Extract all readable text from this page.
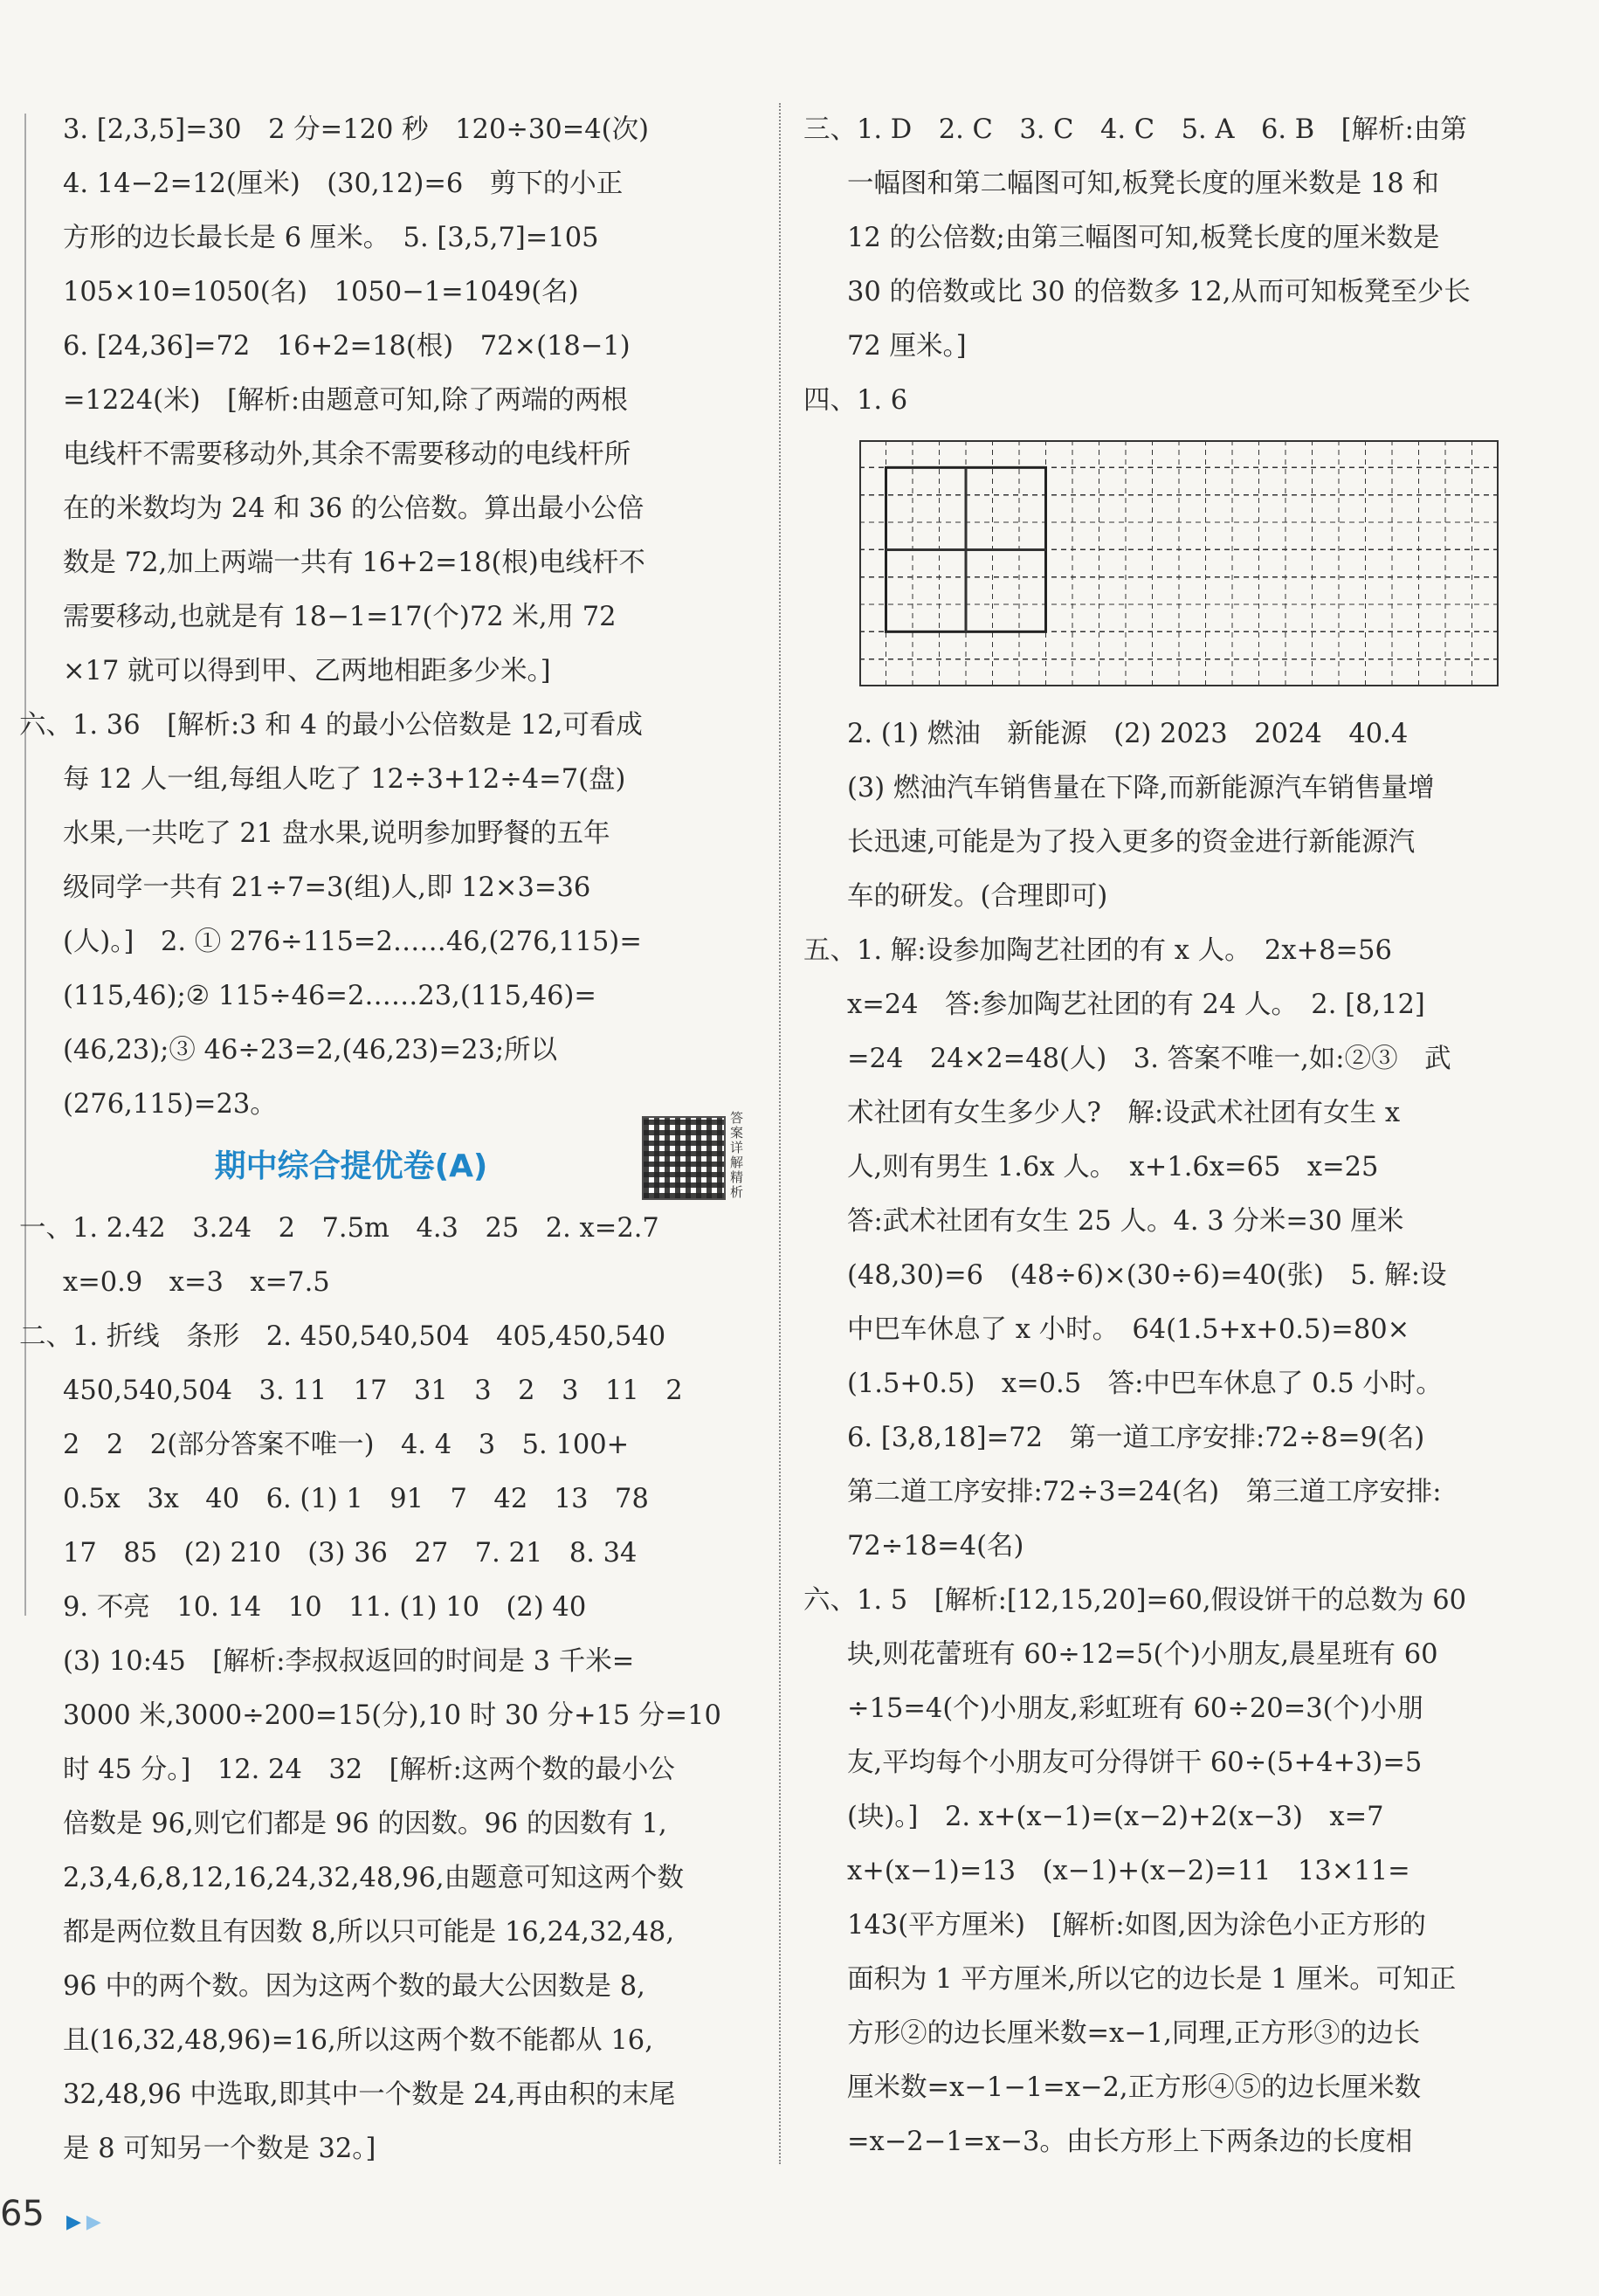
3. [2,3,5]=30　2 分=120 秒　120÷30=4(次)
4. 14−2=12(厘米)　(30,12)=6　剪下的小正
方形的边长最长是 6 厘米。　5. [3,5,7]=105
105×10=1050(名)　1050−1=1049(名)
6. [24,36]=72　16+2=18(根)　72×(18−1)
=1224(米)　[解析:由题意可知,除了两端的两根
电线杆不需要移动外,其余不需要移动的电线杆所
在的米数均为 24 和 36 的公倍数。算出最小公倍
数是 72,加上两端一共有 16+2=18(根)电线杆不
需要移动,也就是有 18−1=17(个)72 米,用 72
×17 就可以得到甲、乙两地相距多少米。]
六、1. 36　[解析:3 和 4 的最小公倍数是 12,可看成
每 12 人一组,每组人吃了 12÷3+12÷4=7(盘)
水果,一共吃了 21 盘水果,说明参加野餐的五年
级同学一共有 21÷7=3(组)人,即 12×3=36
(人)。]　2. ① 276÷115=2……46,(276,115)=
(115,46);② 115÷46=2……23,(115,46)=
(46,23);③ 46÷23=2,(46,23)=23;所以
(276,115)=23。
期中综合提优卷(A)
一、1. 2.42　3.24　2　7.5m　4.3　25　2. x=2.7
x=0.9　x=3　x=7.5
二、1. 折线　条形　2. 450,540,504　405,450,540
450,540,504　3. 11　17　31　3　2　3　11　2
2　2　2(部分答案不唯一)　4. 4　3　5. 100+
0.5x　3x　40　6. (1) 1　91　7　42　13　78
17　85　(2) 210　(3) 36　27　7. 21　8. 34
9. 不亮　10. 14　10　11. (1) 10　(2) 40
(3) 10:45　[解析:李叔叔返回的时间是 3 千米=
3000 米,3000÷200=15(分),10 时 30 分+15 分=10
时 45 分。]　12. 24　32　[解析:这两个数的最小公
倍数是 96,则它们都是 96 的因数。96 的因数有 1,
2,3,4,6,8,12,16,24,32,48,96,由题意可知这两个数
都是两位数且有因数 8,所以只可能是 16,24,32,48,
96 中的两个数。因为这两个数的最大公因数是 8,
且(16,32,48,96)=16,所以这两个数不能都从 16,
32,48,96 中选取,即其中一个数是 24,再由积的末尾
是 8 可知另一个数是 32。]
答案详解精析
三、1. D　2. C　3. C　4. C　5. A　6. B　[解析:由第
一幅图和第二幅图可知,板凳长度的厘米数是 18 和
12 的公倍数;由第三幅图可知,板凳长度的厘米数是
30 的倍数或比 30 的倍数多 12,从而可知板凳至少长
72 厘米。]
四、1. 6
2. (1) 燃油　新能源　(2) 2023　2024　40.4
(3) 燃油汽车销售量在下降,而新能源汽车销售量增
长迅速,可能是为了投入更多的资金进行新能源汽
车的研发。(合理即可)
五、1. 解:设参加陶艺社团的有 x 人。　2x+8=56
x=24　答:参加陶艺社团的有 24 人。　2. [8,12]
=24　24×2=48(人)　3. 答案不唯一,如:②③　武
术社团有女生多少人?　解:设武术社团有女生 x
人,则有男生 1.6x 人。　x+1.6x=65　x=25
答:武术社团有女生 25 人。4. 3 分米=30 厘米
(48,30)=6　(48÷6)×(30÷6)=40(张)　5. 解:设
中巴车休息了 x 小时。　64(1.5+x+0.5)=80×
(1.5+0.5)　x=0.5　答:中巴车休息了 0.5 小时。
6. [3,8,18]=72　第一道工序安排:72÷8=9(名)
第二道工序安排:72÷3=24(名)　第三道工序安排:
72÷18=4(名)
六、1. 5　[解析:[12,15,20]=60,假设饼干的总数为 60
块,则花蕾班有 60÷12=5(个)小朋友,晨星班有 60
÷15=4(个)小朋友,彩虹班有 60÷20=3(个)小朋
友,平均每个小朋友可分得饼干 60÷(5+4+3)=5
(块)。]　2. x+(x−1)=(x−2)+2(x−3)　x=7
x+(x−1)=13　(x−1)+(x−2)=11　13×11=
143(平方厘米)　[解析:如图,因为涂色小正方形的
面积为 1 平方厘米,所以它的边长是 1 厘米。可知正
方形②的边长厘米数=x−1,同理,正方形③的边长
厘米数=x−1−1=x−2,正方形④⑤的边长厘米数
=x−2−1=x−3。由长方形上下两条边的长度相
65 ▶▶
